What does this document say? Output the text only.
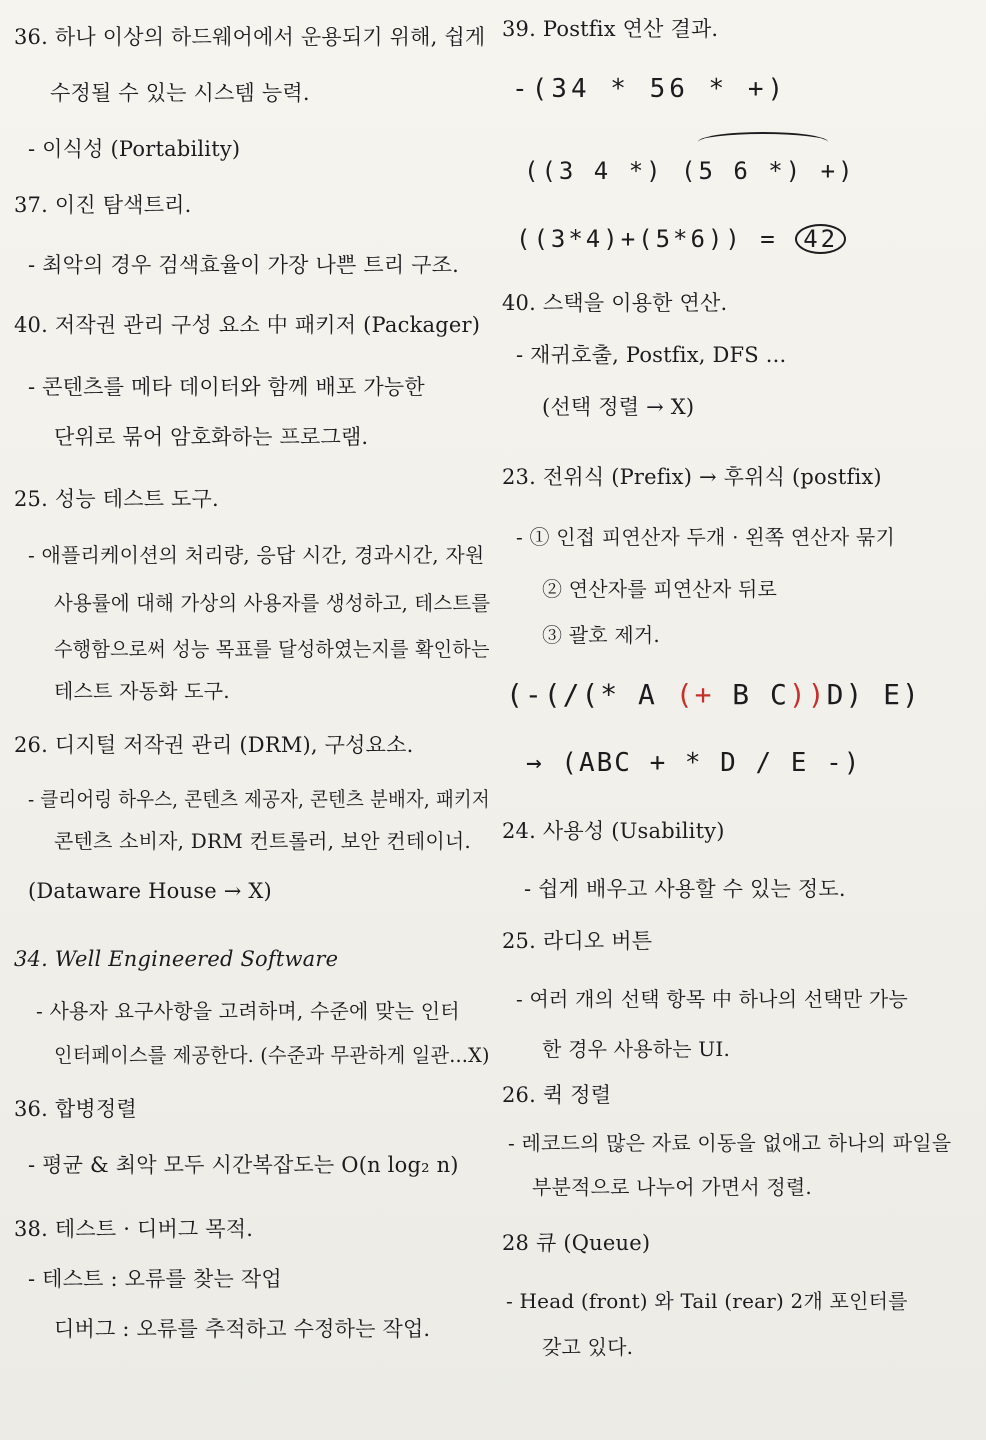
36. 하나 이상의 하드웨어에서 운용되기 위해, 쉽게
수정될 수 있는 시스템 능력.
- 이식성 (Portability)
37. 이진 탐색트리.
- 최악의 경우 검색효율이 가장 나쁜 트리 구조.
40. 저작권 관리 구성 요소 中 패키저 (Packager)
- 콘텐츠를 메타 데이터와 함께 배포 가능한
단위로 묶어 암호화하는 프로그램.
25. 성능 테스트 도구.
- 애플리케이션의 처리량, 응답 시간, 경과시간, 자원
사용률에 대해 가상의 사용자를 생성하고, 테스트를
수행함으로써 성능 목표를 달성하였는지를 확인하는
테스트 자동화 도구.
26. 디지털 저작권 관리 (DRM), 구성요소.
- 클리어링 하우스, 콘텐츠 제공자, 콘텐츠 분배자, 패키저
콘텐츠 소비자, DRM 컨트롤러, 보안 컨테이너.
(Dataware House → X)
34. Well Engineered Software
- 사용자 요구사항을 고려하며, 수준에 맞는 인터
인터페이스를 제공한다. (수준과 무관하게 일관...X)
36. 합병정렬
- 평균 & 최악 모두 시간복잡도는 O(n log₂ n)
38. 테스트 · 디버그 목적.
- 테스트 : 오류를 찾는 작업
디버그 : 오류를 추적하고 수정하는 작업.
39. Postfix 연산 결과.
-(34 * 56 * +)
((3 4 *) (5 6 *) +)
((3*4)+(5*6)) = 42
40. 스택을 이용한 연산.
- 재귀호출, Postfix, DFS ...
(선택 정렬 → X)
23. 전위식 (Prefix) → 후위식 (postfix)
- ① 인접 피연산자 두개 · 왼쪽 연산자 묶기
② 연산자를 피연산자 뒤로
③ 괄호 제거.
(-(/(* A (+ B C))D) E)
→ (ABC + * D / E -)
24. 사용성 (Usability)
- 쉽게 배우고 사용할 수 있는 정도.
25. 라디오 버튼
- 여러 개의 선택 항목 中 하나의 선택만 가능
한 경우 사용하는 UI.
26. 퀵 정렬
- 레코드의 많은 자료 이동을 없애고 하나의 파일을
부분적으로 나누어 가면서 정렬.
28 큐 (Queue)
- Head (front) 와 Tail (rear) 2개 포인터를
갖고 있다.
